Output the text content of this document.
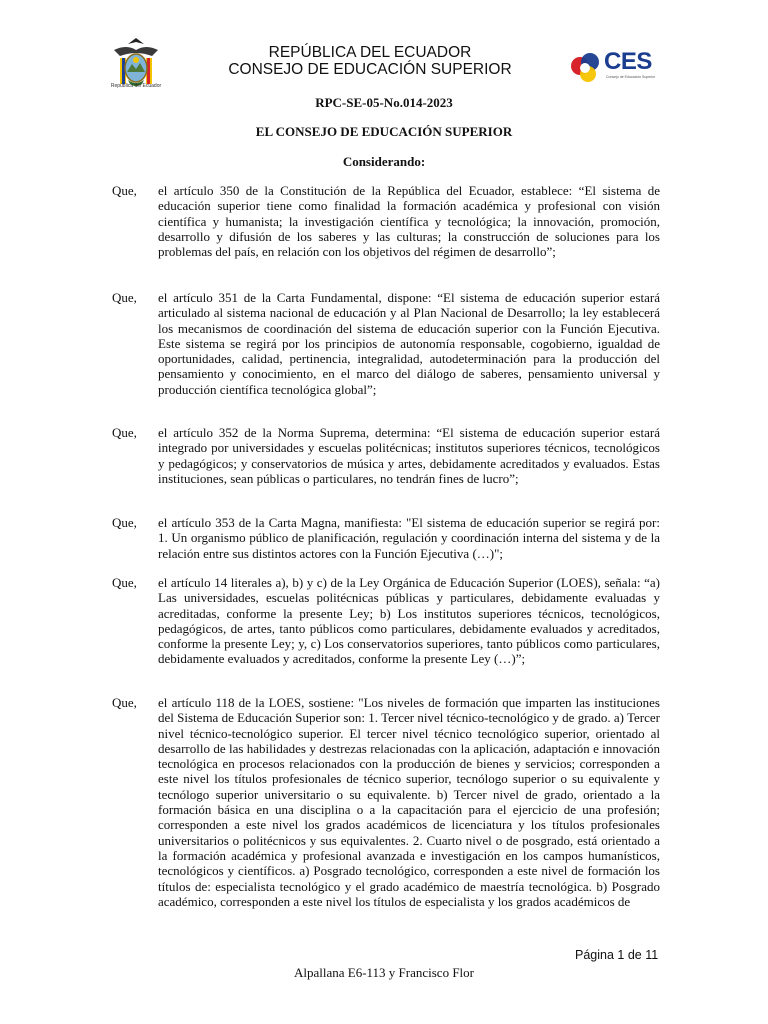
República del Ecuador
REPÚBLICA DEL ECUADOR
CONSEJO DE EDUCACIÓN SUPERIOR	CES
Consejo de Educación Superior
RPC-SE-05-No.014-2023
EL CONSEJO DE EDUCACIÓN SUPERIOR
Considerando:
Que,	el artículo 350 de la Constitución de la República del Ecuador, establece: “El sistema de educación superior tiene como finalidad la formación académica y profesional con visión científica y humanista; la investigación científica y tecnológica; la innovación, promoción, desarrollo y difusión de los saberes y las culturas; la construcción de soluciones para los problemas del país, en relación con los objetivos del régimen de desarrollo”;
Que,	el artículo 351 de la Carta Fundamental, dispone: “El sistema de educación superior estará articulado al sistema nacional de educación y al Plan Nacional de Desarrollo; la ley establecerá los mecanismos de coordinación del sistema de educación superior con la Función Ejecutiva. Este sistema se regirá por los principios de autonomía responsable, cogobierno, igualdad de oportunidades, calidad, pertinencia, integralidad, autodeterminación para la producción del pensamiento y conocimiento, en el marco del diálogo de saberes, pensamiento universal y producción científica tecnológica global”;
Que,	el artículo 352 de la Norma Suprema, determina: “El sistema de educación superior estará integrado por universidades y escuelas politécnicas; institutos superiores técnicos, tecnológicos y pedagógicos; y conservatorios de música y artes, debidamente acreditados y evaluados. Estas instituciones, sean públicas o particulares, no tendrán fines de lucro”;
Que,	el artículo 353 de la Carta Magna, manifiesta: "El sistema de educación superior se regirá por: 1. Un organismo público de planificación, regulación y coordinación interna del sistema y de la relación entre sus distintos actores con la Función Ejecutiva (…)";
Que,	el artículo 14 literales a), b) y c) de la Ley Orgánica de Educación Superior (LOES), señala: “a) Las universidades, escuelas politécnicas públicas y particulares, debidamente evaluadas y acreditadas, conforme la presente Ley; b) Los institutos superiores técnicos, tecnológicos, pedagógicos, de artes, tanto públicos como particulares, debidamente evaluados y acreditados, conforme la presente Ley; y, c) Los conservatorios superiores, tanto públicos como particulares, debidamente evaluados y acreditados, conforme la presente Ley (…)”;
Que,	el artículo 118 de la LOES, sostiene: "Los niveles de formación que imparten las instituciones del Sistema de Educación Superior son: 1. Tercer nivel técnico-tecnológico y de grado. a) Tercer nivel técnico-tecnológico superior. El tercer nivel técnico tecnológico superior, orientado al desarrollo de las habilidades y destrezas relacionadas con la aplicación, adaptación e innovación tecnológica en procesos relacionados con la producción de bienes y servicios; corresponden a este nivel los títulos profesionales de técnico superior, tecnólogo superior o su equivalente y tecnólogo superior universitario o su equivalente. b) Tercer nivel de grado, orientado a la formación básica en una disciplina o a la capacitación para el ejercicio de una profesión; corresponden a este nivel los grados académicos de licenciatura y los títulos profesionales universitarios o politécnicos y sus equivalentes. 2. Cuarto nivel o de posgrado, está orientado a la formación académica y profesional avanzada e investigación en los campos humanísticos, tecnológicos y científicos. a) Posgrado tecnológico, corresponden a este nivel de formación los títulos de: especialista tecnológico y el grado académico de maestría tecnológica. b) Posgrado académico, corresponden a este nivel los títulos de especialista y los grados académicos de
Página 1 de 11
Alpallana E6-113 y Francisco Flor
